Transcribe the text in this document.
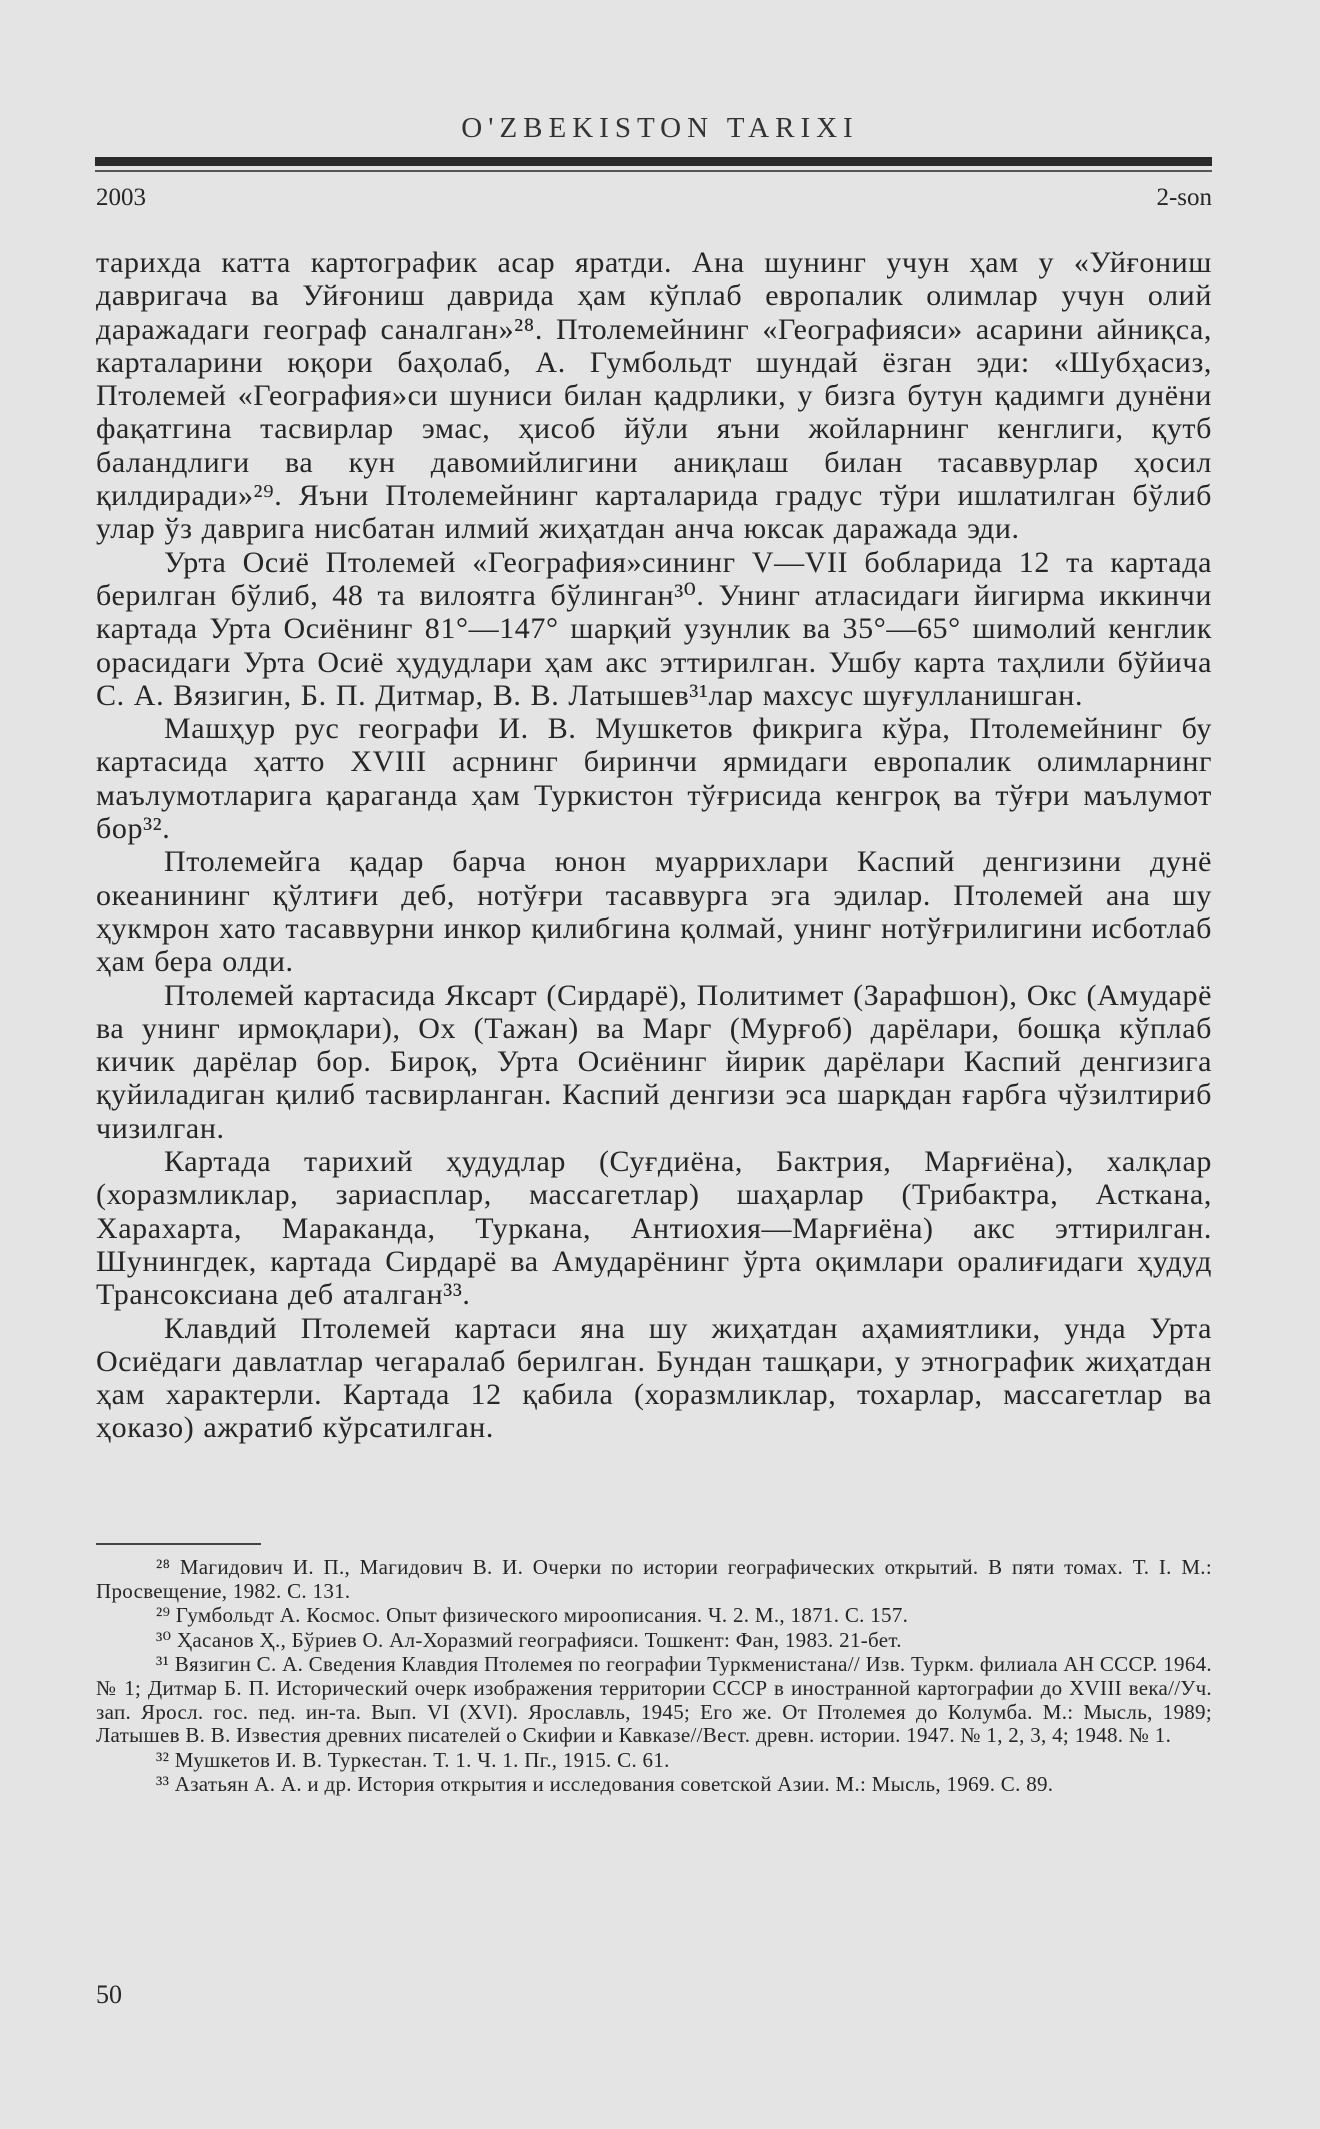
O'ZBEKISTON TARIXI
2003	2-son

тарихда катта картографик асар яратди. Ана шунинг учун ҳам у «Уйғониш давригача ва Уйғониш даврида ҳам кўплаб европалик олимлар учун олий даражадаги географ саналган»²⁸. Птолемейнинг «Географияси» асарини айниқса, карталарини юқори баҳолаб, А. Гумбольдт шундай ёзган эди: «Шубҳасиз, Птолемей «География»си шуниси билан қадрлики, у бизга бутун қадимги дунёни фақатгина тасвирлар эмас, ҳисоб йўли яъни жойларнинг кенглиги, қутб баландлиги ва кун давомийлигини аниқлаш билан тасаввурлар ҳосил қилдиради»²⁹. Яъни Птолемейнинг карталарида градус тўри ишлатилган бўлиб улар ўз даврига нисбатан илмий жиҳатдан анча юксак даражада эди.

Урта Осиё Птолемей «География»сининг V—VII бобларида 12 та картада берилган бўлиб, 48 та вилоятга бўлинган³⁰. Унинг атласидаги йигирма иккинчи картада Урта Осиёнинг 81°—147° шарқий узунлик ва 35°—65° шимолий кенглик орасидаги Урта Осиё ҳудудлари ҳам акс эттирилган. Ушбу карта таҳлили бўйича С. А. Вязигин, Б. П. Дитмар, В. В. Латышев³¹лар махсус шуғулланишган.

Машҳур рус географи И. В. Мушкетов фикрига кўра, Птолемейнинг бу картасида ҳатто XVIII асрнинг биринчи ярмидаги европалик олимларнинг маълумотларига қараганда ҳам Туркистон тўғрисида кенгроқ ва тўғри маълумот бор³².

Птолемейга қадар барча юнон муаррихлари Каспий денгизини дунё океанининг қўлтиғи деб, нотўғри тасаввурга эга эдилар. Птолемей ана шу ҳукмрон хато тасаввурни инкор қилибгина қолмай, унинг нотўғрилигини исботлаб ҳам бера олди.

Птолемей картасида Яксарт (Сирдарё), Политимет (Зарафшон), Окс (Амударё ва унинг ирмоқлари), Ох (Тажан) ва Марг (Мурғоб) дарёлари, бошқа кўплаб кичик дарёлар бор. Бироқ, Урта Осиёнинг йирик дарёлари Каспий денгизига қуйиладиган қилиб тасвирланган. Каспий денгизи эса шарқдан ғарбга чўзилтириб чизилган.

Картада тарихий ҳудудлар (Суғдиёна, Бактрия, Марғиёна), халқлар (хоразмликлар, зариасплар, массагетлар) шаҳарлар (Трибактра, Асткана, Харахарта, Мараканда, Туркана, Антиохия—Марғиёна) акс эттирилган. Шунингдек, картада Сирдарё ва Амударёнинг ўрта оқимлари оралиғидаги ҳудуд Трансоксиана деб аталган³³.

Клавдий Птолемей картаси яна шу жиҳатдан аҳамиятлики, унда Урта Осиёдаги давлатлар чегаралаб берилган. Бундан ташқари, у этнографик жиҳатдан ҳам характерли. Картада 12 қабила (хоразмликлар, тохарлар, массагетлар ва ҳоказо) ажратиб кўрсатилган.

²⁸ Магидович И. П., Магидович В. И. Очерки по истории географических открытий. В пяти томах. Т. I. М.: Просвещение, 1982. С. 131.

²⁹ Гумбольдт А. Космос. Опыт физического мироописания. Ч. 2. М., 1871. С. 157.

³⁰ Ҳасанов Ҳ., Бўриев О. Ал-Хоразмий географияси. Тошкент: Фан, 1983. 21-бет.

³¹ Вязигин С. А. Сведения Клавдия Птолемея по географии Туркменистана// Изв. Туркм. филиала АН СССР. 1964. № 1; Дитмар Б. П. Исторический очерк изображения территории СССР в иностранной картографии до XVIII века//Уч. зап. Яросл. гос. пед. ин-та. Вып. VI (XVI). Ярославль, 1945; Его же. От Птолемея до Колумба. М.: Мысль, 1989; Латышев В. В. Известия древних писателей о Скифии и Кавказе//Вест. древн. истории. 1947. № 1, 2, 3, 4; 1948. № 1.

³² Мушкетов И. В. Туркестан. Т. 1. Ч. 1. Пг., 1915. С. 61.

³³ Азатьян А. А. и др. История открытия и исследования советской Азии. М.: Мысль, 1969. С. 89.

50
